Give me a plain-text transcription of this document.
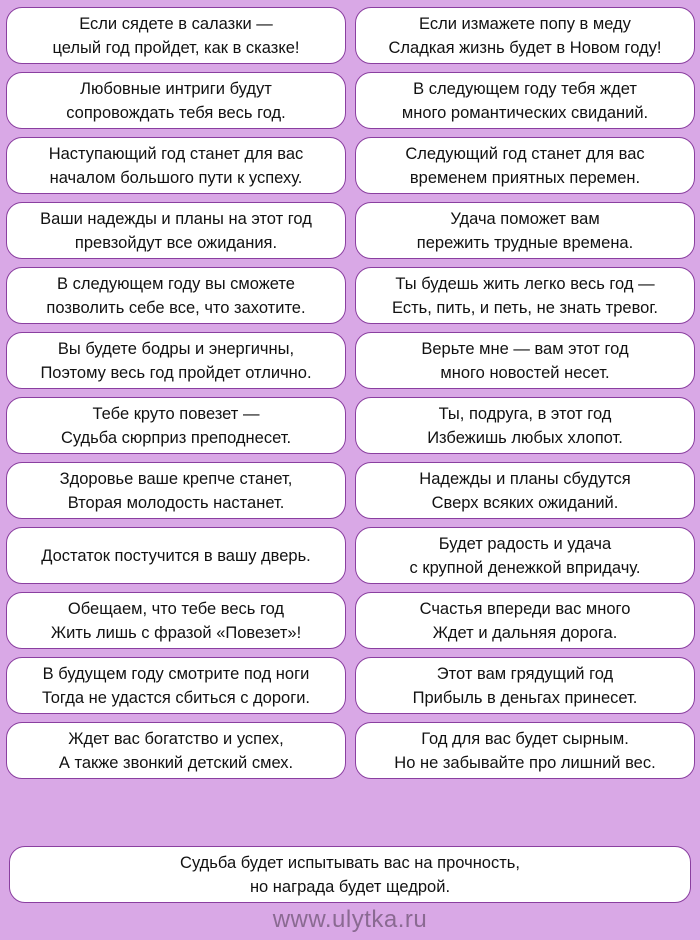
Если сядете в салазки —
целый год пройдет, как в сказке!
Если измажете попу в меду
Сладкая жизнь будет в Новом году!
Любовные интриги будут
сопровождать тебя весь год.
В следующем году тебя ждет
много романтических свиданий.
Наступающий год станет для вас
началом большого пути к успеху.
Следующий год станет для вас
временем приятных перемен.
Ваши надежды и планы на этот год
превзойдут все ожидания.
Удача поможет вам
пережить трудные времена.
В следующем году вы сможете
позволить себе все, что захотите.
Ты будешь жить легко весь год —
Есть, пить, и петь, не знать тревог.
Вы будете бодры и энергичны,
Поэтому весь год пройдет отлично.
Верьте мне — вам этот год
много новостей несет.
Тебе круто повезет —
Судьба сюрприз преподнесет.
Ты, подруга, в этот год
Избежишь любых хлопот.
Здоровье ваше крепче станет,
Вторая молодость настанет.
Надежды и планы сбудутся
Сверх всяких ожиданий.
Достаток постучится в вашу дверь.
Будет радость и удача
с крупной денежкой впридачу.
Обещаем, что тебе весь год
Жить лишь с фразой «Повезет»!
Счастья впереди вас много
Ждет и дальняя дорога.
В будущем году смотрите под ноги
Тогда не удастся сбиться с дороги.
Этот вам грядущий год
Прибыль в деньгах принесет.
Ждет вас богатство и успех,
А также звонкий детский смех.
Год для вас будет сырным.
Но не забывайте про лишний вес.
Судьба будет испытывать вас на прочность,
но награда будет щедрой.
www.ulytka.ru
